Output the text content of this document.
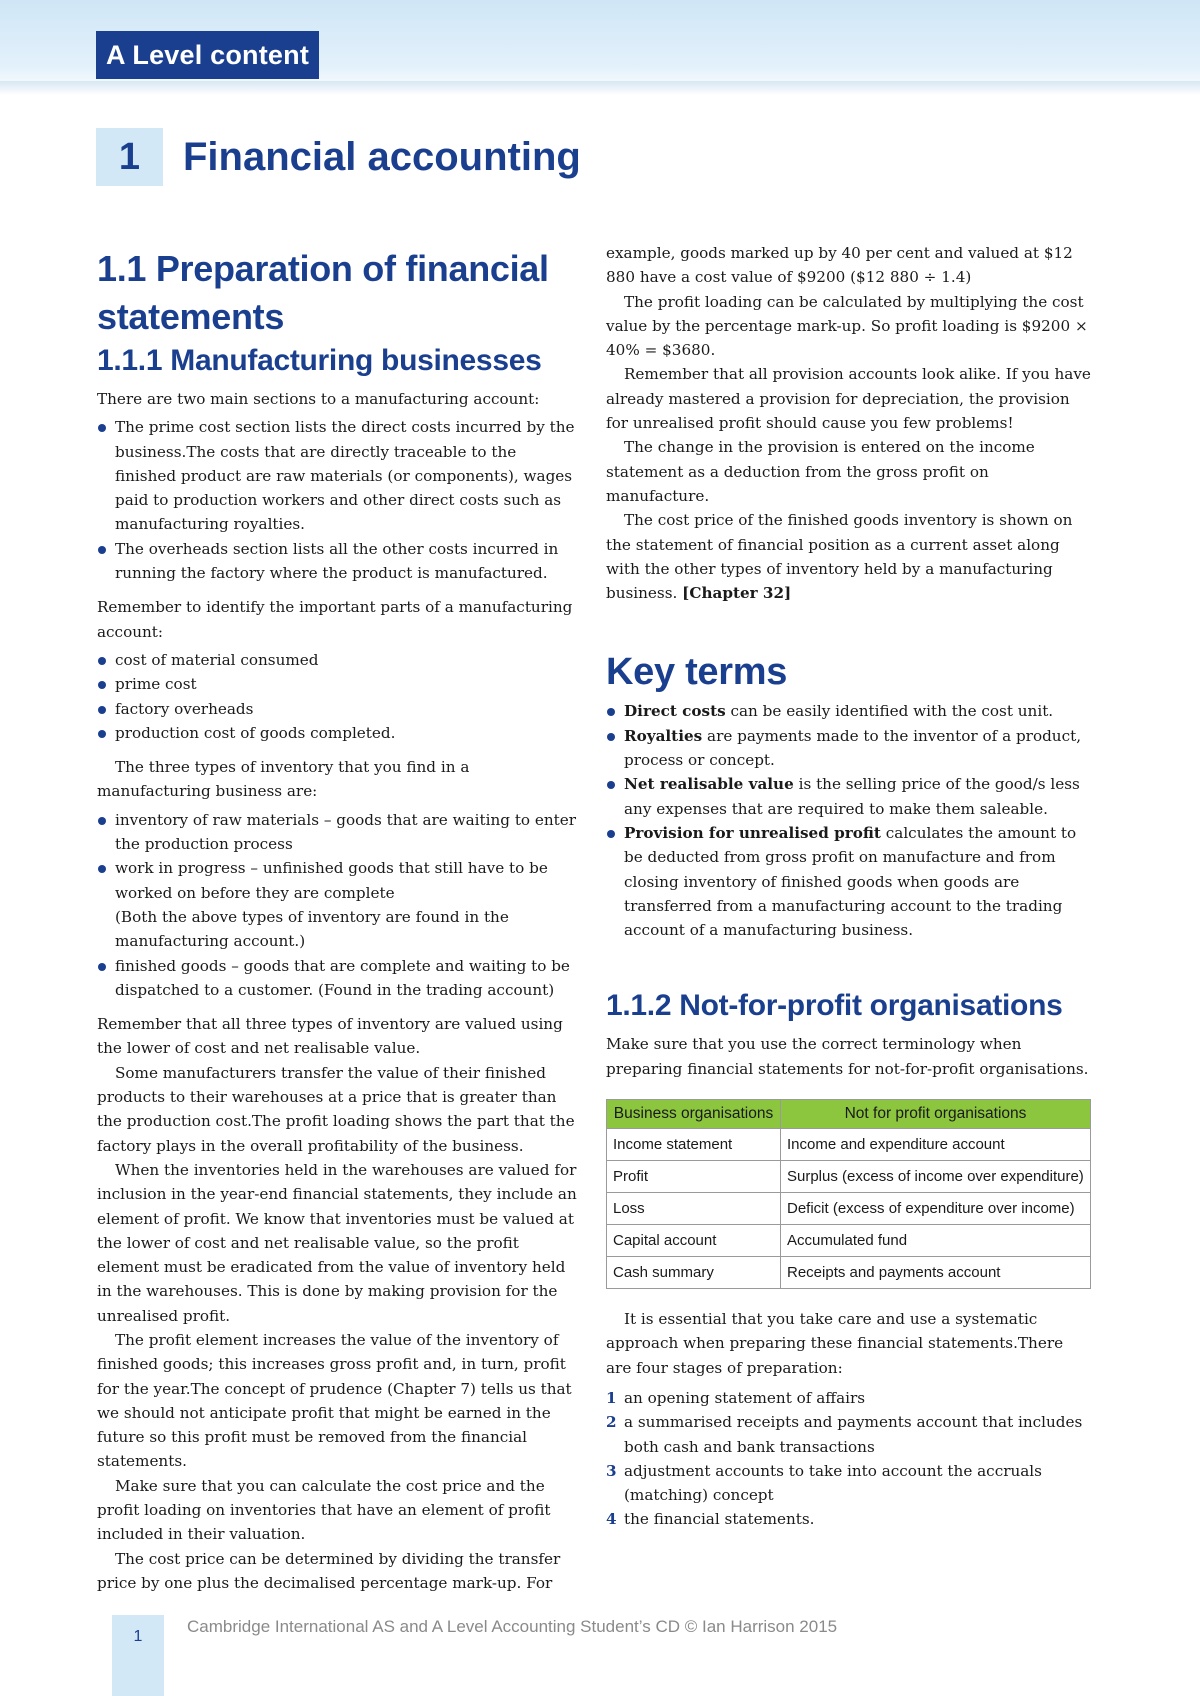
A Level content
1	Financial accounting
1.1 Preparation of financial statements
1.1.1 Manufacturing businesses

There are two main sections to a manufacturing account:

The prime cost section lists the direct costs incurred by the business.The costs that are directly traceable to the finished product are raw materials (or components), wages paid to production workers and other direct costs such as manufacturing royalties.
The overheads section lists all the other costs incurred in running the factory where the product is manufactured.

Remember to identify the important parts of a manufacturing account:

cost of material consumed
prime cost
factory overheads
production cost of goods completed.

The three types of inventory that you find in a manufacturing business are:

inventory of raw materials – goods that are waiting to enter the production process
work in progress – unfinished goods that still have to be worked on before they are complete
(Both the above types of inventory are found in the manufacturing account.)
finished goods – goods that are complete and waiting to be dispatched to a customer. (Found in the trading account)

Remember that all three types of inventory are valued using the lower of cost and net realisable value.

Some manufacturers transfer the value of their finished products to their warehouses at a price that is greater than the production cost.The profit loading shows the part that the factory plays in the overall profitability of the business.

When the inventories held in the warehouses are valued for inclusion in the year-end financial statements, they include an element of profit. We know that inventories must be valued at the lower of cost and net realisable value, so the profit element must be eradicated from the value of inventory held in the warehouses. This is done by making provision for the unrealised profit.

The profit element increases the value of the inventory of finished goods; this increases gross profit and, in turn, profit for the year.The concept of prudence (Chapter 7) tells us that we should not anticipate profit that might be earned in the future so this profit must be removed from the financial statements.

Make sure that you can calculate the cost price and the profit loading on inventories that have an element of profit included in their valuation.

The cost price can be determined by dividing the transfer price by one plus the decimalised percentage mark-up. For

example, goods marked up by 40 per cent and valued at $12 880 have a cost value of $9200 ($12 880 ÷ 1.4)

The profit loading can be calculated by multiplying the cost value by the percentage mark-up. So profit loading is $9200 × 40% = $3680.

Remember that all provision accounts look alike. If you have already mastered a provision for depreciation, the provision for unrealised profit should cause you few problems!

The change in the provision is entered on the income statement as a deduction from the gross profit on manufacture.

The cost price of the finished goods inventory is shown on the statement of financial position as a current asset along with the other types of inventory held by a manufacturing business. [Chapter 32]

Key terms
Direct costs can be easily identified with the cost unit.
Royalties are payments made to the inventor of a product, process or concept.
Net realisable value is the selling price of the good/s less any expenses that are required to make them saleable.
Provision for unrealised profit calculates the amount to be deducted from gross profit on manufacture and from closing inventory of finished goods when goods are transferred from a manufacturing account to the trading account of a manufacturing business.
1.1.2 Not-for-profit organisations

Make sure that you use the correct terminology when preparing financial statements for not-for-profit organisations.

Business organisations	Not for profit organisations
Income statement	Income and expenditure account
Profit	Surplus (excess of income over expenditure)
Loss	Deficit (excess of expenditure over income)
Capital account	Accumulated fund
Cash summary	Receipts and payments account

It is essential that you take care and use a systematic approach when preparing these financial statements.There are four stages of preparation:

1 an opening statement of affairs
2 a summarised receipts and payments account that includes both cash and bank transactions
3 adjustment accounts to take into account the accruals (matching) concept
4 the financial statements.
1
Cambridge International AS and A Level Accounting Student’s CD © Ian Harrison 2015
